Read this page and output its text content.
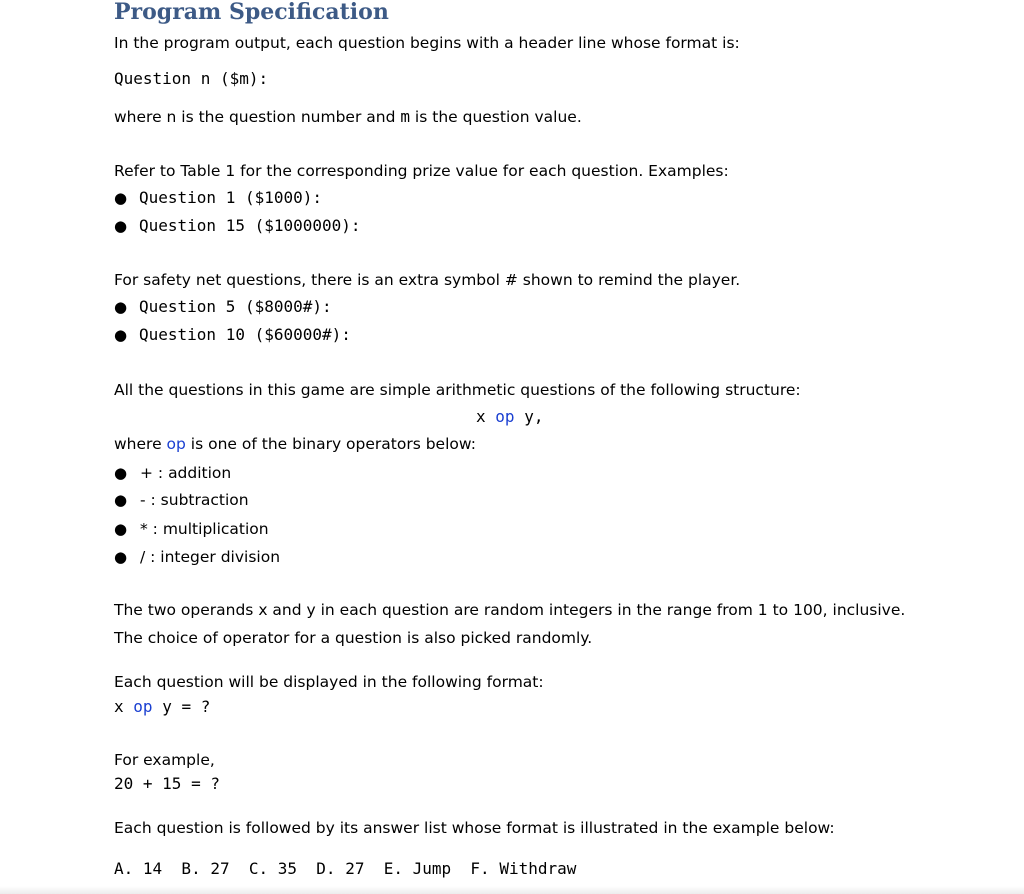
Program Specification
In the program output, each question begins with a header line whose format is:
Question n ($m):
where n is the question number and m is the question value.
Refer to Table 1 for the corresponding prize value for each question. Examples:
● Question 1 ($1000):
● Question 15 ($1000000):
For safety net questions, there is an extra symbol # shown to remind the player.
● Question 5 ($8000#):
● Question 10 ($60000#):
All the questions in this game are simple arithmetic questions of the following structure:
x op y,
where op is one of the binary operators below:
● + : addition
● - : subtraction
● * : multiplication
● / : integer division
The two operands x and y in each question are random integers in the range from 1 to 100, inclusive.
The choice of operator for a question is also picked randomly.
Each question will be displayed in the following format:
x op y = ?
For example,
20 + 15 = ?
Each question is followed by its answer list whose format is illustrated in the example below:
A. 14  B. 27  C. 35  D. 27  E. Jump  F. Withdraw
